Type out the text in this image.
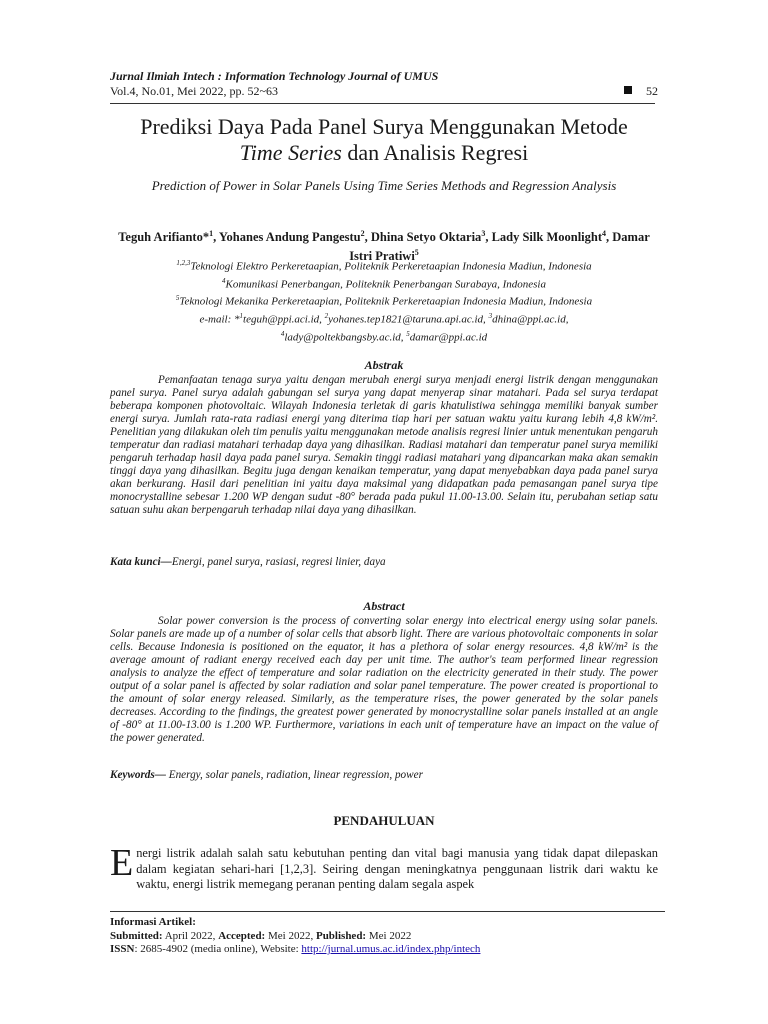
Jurnal Ilmiah Intech : Information Technology Journal of UMUS
Vol.4, No.01, Mei 2022, pp. 52~63	52
Prediksi Daya Pada Panel Surya Menggunakan Metode
Time Series dan Analisis Regresi
Prediction of Power in Solar Panels Using Time Series Methods and Regression Analysis
Teguh Arifianto*$^1$, Yohanes Andung Pangestu$^2$, Dhina Setyo Oktaria$^3$, Lady Silk Moonlight$^4$, Damar Istri Pratiwi$^5$
$^{1,2,3}$Teknologi Elektro Perkeretaapian, Politeknik Perkeretaapian Indonesia Madiun, Indonesia
$^4$Komunikasi Penerbangan, Politeknik Penerbangan Surabaya, Indonesia
$^5$Teknologi Mekanika Perkeretaapian, Politeknik Perkeretaapian Indonesia Madiun, Indonesia
e-mail: *$^1$teguh@ppi.aci.id, $^2$yohanes.tep1821@taruna.api.ac.id, $^3$dhina@ppi.ac.id,
$^4$lady@poltekbangsby.ac.id, $^5$damar@ppi.ac.id
Abstrak
Pemanfaatan tenaga surya yaitu dengan merubah energi surya menjadi energi listrik dengan menggunakan panel surya. Panel surya adalah gabungan sel surya yang dapat menyerap sinar matahari. Pada sel surya terdapat beberapa komponen photovoltaic. Wilayah Indonesia terletak di garis khatulistiwa sehingga memiliki banyak sumber energi surya. Jumlah rata-rata radiasi energi yang diterima tiap hari per satuan waktu yaitu kurang lebih 4,8 kW/m². Penelitian yang dilakukan oleh tim penulis yaitu menggunakan metode analisis regresi linier untuk menentukan pengaruh temperatur dan radiasi matahari terhadap daya yang dihasilkan. Radiasi matahari dan temperatur panel surya memiliki pengaruh terhadap hasil daya pada panel surya. Semakin tinggi radiasi matahari yang dipancarkan maka akan semakin tinggi daya yang dihasilkan. Begitu juga dengan kenaikan temperatur, yang dapat menyebabkan daya pada panel surya akan berkurang. Hasil dari penelitian ini yaitu daya maksimal yang didapatkan pada pemasangan panel surya tipe monocrystalline sebesar 1.200 WP dengan sudut -80° berada pada pukul 11.00-13.00. Selain itu, perubahan setiap satu satuan suhu akan berpengaruh terhadap nilai daya yang dihasilkan.
Kata kunci—Energi, panel surya, rasiasi, regresi linier, daya
Abstract
Solar power conversion is the process of converting solar energy into electrical energy using solar panels. Solar panels are made up of a number of solar cells that absorb light. There are various photovoltaic components in solar cells. Because Indonesia is positioned on the equator, it has a plethora of solar energy resources. 4,8 kW/m² is the average amount of radiant energy received each day per unit time. The author's team performed linear regression analysis to analyze the effect of temperature and solar radiation on the electricity generated in their study. The power output of a solar panel is affected by solar radiation and solar panel temperature. The power created is proportional to the amount of solar energy released. Similarly, as the temperature rises, the power generated by the solar panels decreases. According to the findings, the greatest power generated by monocrystalline solar panels installed at an angle of -80° at 11.00-13.00 is 1.200 WP. Furthermore, variations in each unit of temperature have an impact on the value of the power generated.
Keywords— Energy, solar panels, radiation, linear regression, power
PENDAHULUAN
Energi listrik adalah salah satu kebutuhan penting dan vital bagi manusia yang tidak dapat dilepaskan dalam kegiatan sehari-hari [1,2,3]. Seiring dengan meningkatnya penggunaan listrik dari waktu ke waktu, energi listrik memegang peranan penting dalam segala aspek
Informasi Artikel:
Submitted: April 2022, Accepted: Mei 2022, Published: Mei 2022
ISSN: 2685-4902 (media online), Website: http://jurnal.umus.ac.id/index.php/intech
